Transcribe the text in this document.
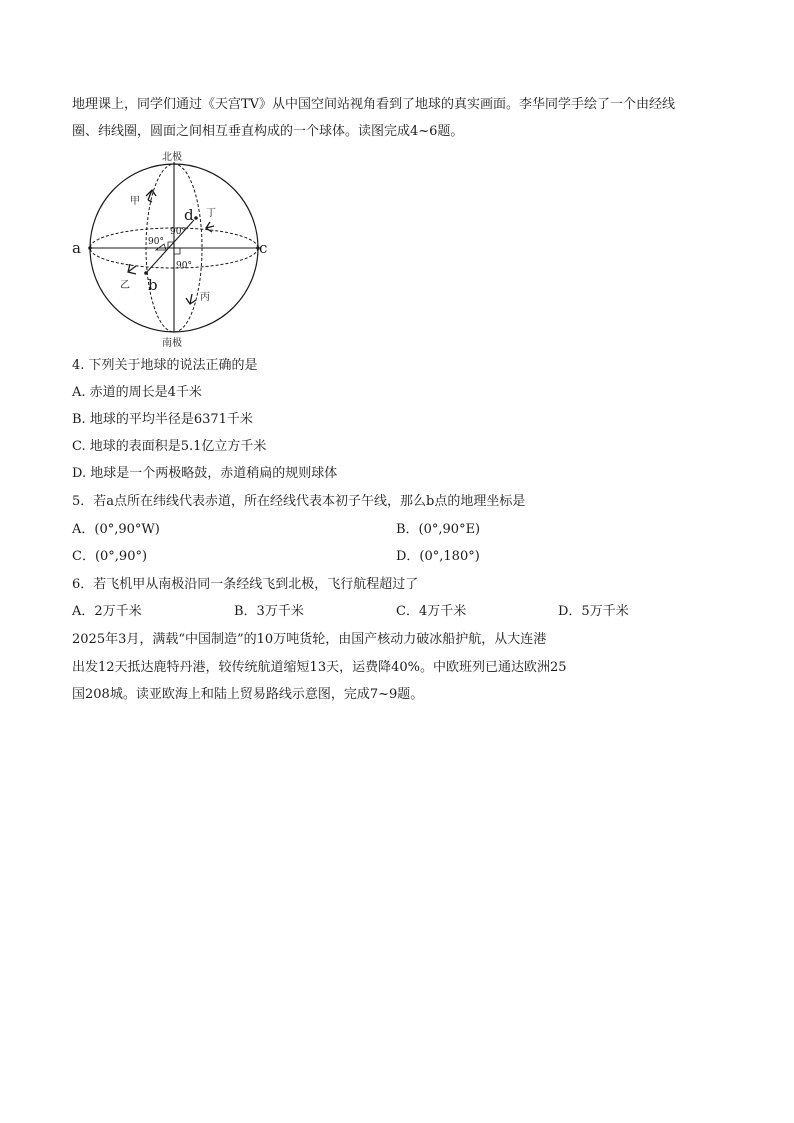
地理课上，同学们通过《天宫TV》从中国空间站视角看到了地球的真实画面。李华同学手绘了一个由经线
圈、纬线圈，圆面之间相互垂直构成的一个球体。读图完成4~6题。
北极
南极
a	c
b
d
甲
乙
丙
丁
90°
90°
90°
4. 下列关于地球的说法正确的是
A. 赤道的周长是4千米
B. 地球的平均半径是6371千米
C. 地球的表面积是5.1亿立方千米
D. 地球是一个两极略鼓，赤道稍扁的规则球体
5．若a点所在纬线代表赤道，所在经线代表本初子午线，那么b点的地理坐标是
A．(0°,90°W)	B．(0°,90°E)
C．(0°,90°)	D．(0°,180°)
6．若飞机甲从南极沿同一条经线飞到北极，飞行航程超过了
A．2万千米	B．3万千米	C．4万千米	D．5万千米
2025年3月，满载“中国制造”的10万吨货轮，由国产核动力破冰船护航，从大连港
出发12天抵达鹿特丹港，较传统航道缩短13天，运费降40%。中欧班列已通达欧洲25
国208城。读亚欧海上和陆上贸易路线示意图，完成7~9题。
